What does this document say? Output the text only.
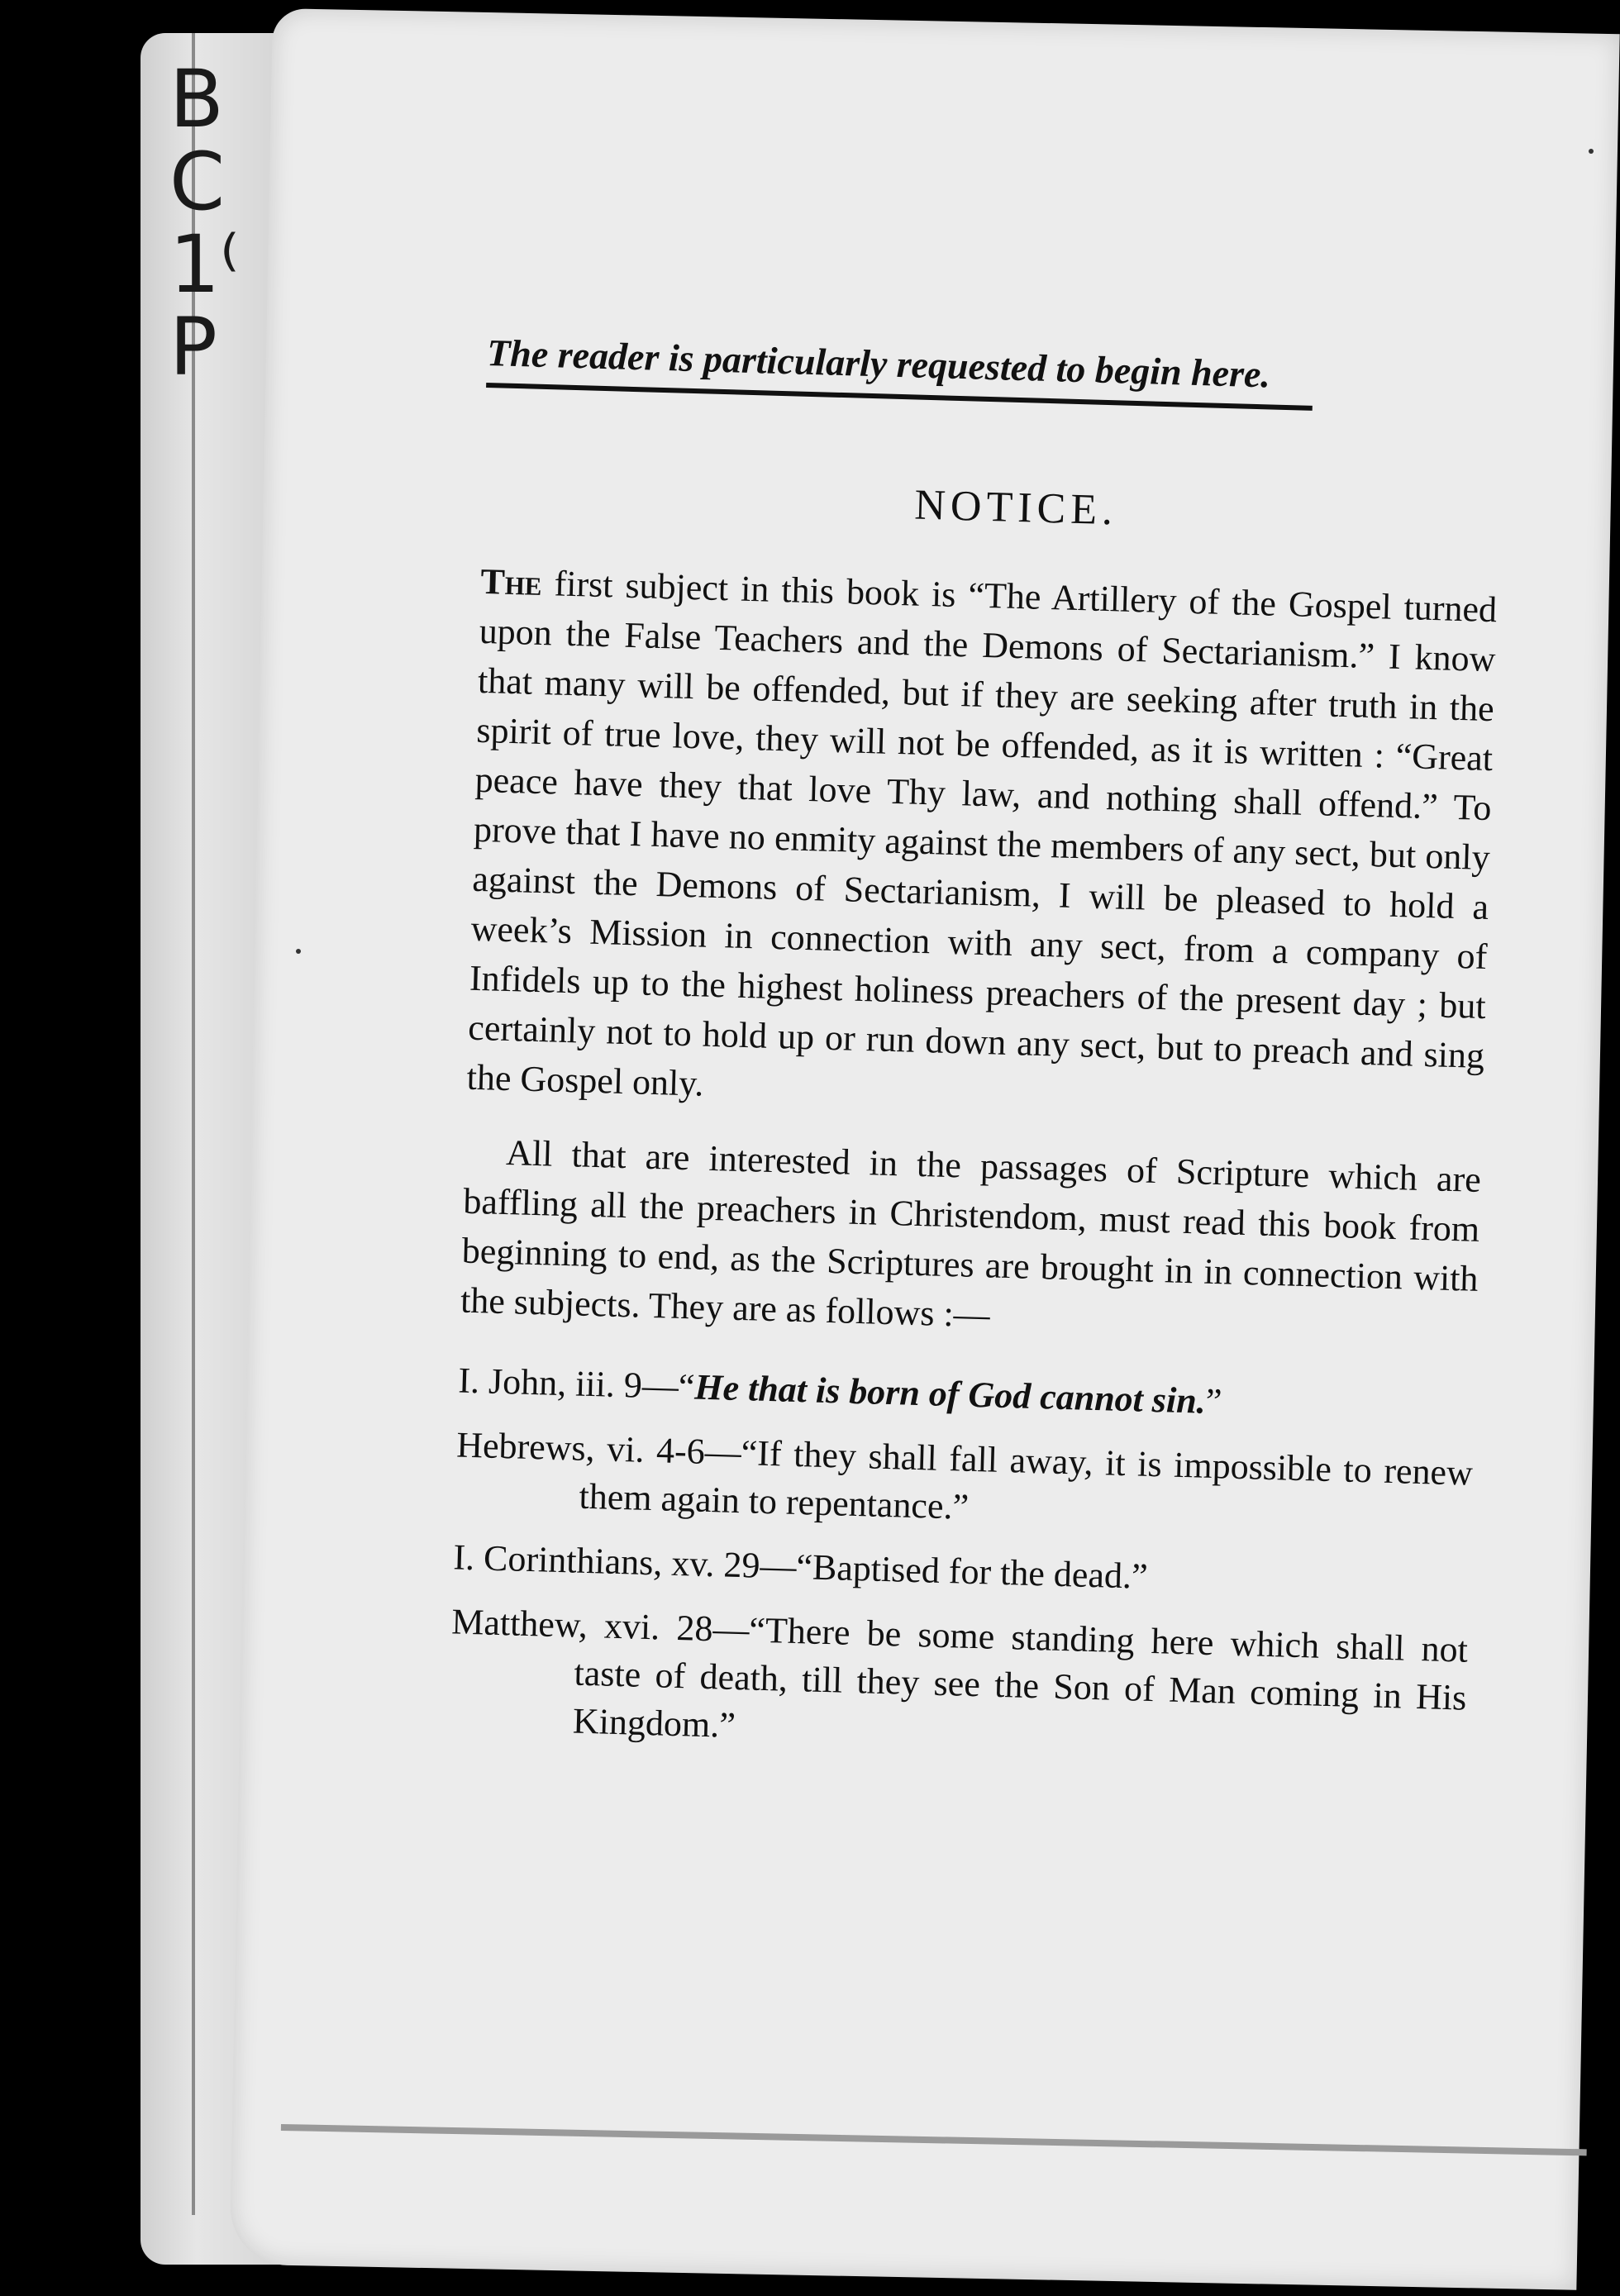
B
C
1⁽
P	The reader is particularly requested to begin here.

NOTICE.

The first subject in this book is “The Artillery of the Gospel turned upon the False Teachers and the Demons of Sectarianism.” I know that many will be offended, but if they are seeking after truth in the spirit of true love, they will not be offended, as it is written : “Great peace have they that love Thy law, and nothing shall offend.” To prove that I have no enmity against the members of any sect, but only against the Demons of Sectarianism, I will be pleased to hold a week’s Mission in connection with any sect, from a company of Infidels up to the highest holiness preachers of the present day ; but certainly not to hold up or run down any sect, but to preach and sing the Gospel only.

All that are interested in the passages of Scripture which are baffling all the preachers in Christendom, must read this book from beginning to end, as the Scriptures are brought in in connection with the subjects. They are as follows :—

I. John, iii. 9—“He that is born of God cannot sin.”
Hebrews, vi. 4-6—“If they shall fall away, it is impossible to renew them again to repentance.”
I. Corinthians, xv. 29—“Baptised for the dead.”
Matthew, xvi. 28—“There be some standing here which shall not taste of death, till they see the Son of Man coming in His Kingdom.”
